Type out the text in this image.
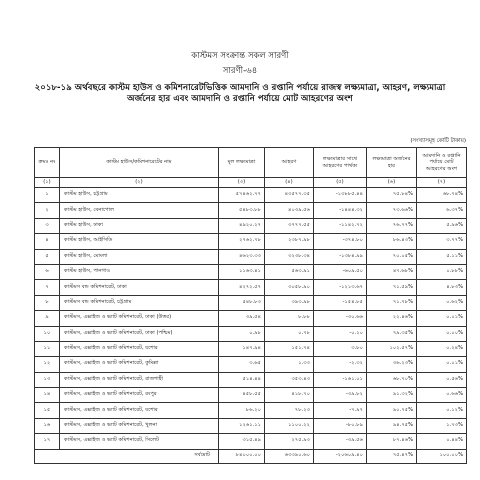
কাস্টমস সংক্রান্ত সকল সারণী
সারণী-৬৪
২০১৮-১৯ অর্থবছরে কাস্টম হাউস ও কমিশনারেটভিত্তিক আমদানি ও রপ্তানি পর্যায়ে রাজস্ব লক্ষ্যমাত্রা, আহরণ, লক্ষ্যমাত্রা অর্জনের হার এবং আমদানি ও রপ্তানি পর্যায়ে মোট আহরণের অংশ
(সংখ্যাসমূহ কোটি টাকায়)
ক্রমঃ নং	কাস্টম হাউস/কমিশনারেটের নাম	মূল লক্ষ্যমাত্রা	আহরণ	লক্ষ্যমাত্রার সাথে আহরণের পার্থক্য	লক্ষ্যমাত্রা অর্জনের হার	আমদানি ও রপ্তানি পর্যায়ে মোট আহরণের অংশ
(১)	(২)	(৩)	(৪)	(৫)	(৬)	(৭)
১	কাস্টম হাউস, চট্টগ্রাম	৫৭৪৬২.৭৭	৪৩৫৭৭.৩৫	-১৩৮৮৫.৪৪	৭৫.৮৪%	৬৮.৭৪%
২	কাস্টম হাউস, বেনাপোল	৫৪৮৩.৮৮	৪০৩৯.৫৬	-১৪৪৪.৩২	৭৩.৬৬%	৬.৩৭%
৩	কাস্টম হাউস, ঢাকা	৪৯২০.২৭	৩৭৭৭.৫৫	-১১৪২.৭২	৭৬.৭৭%	৫.৯৬%
৪	কাস্টম হাউস, আইসিডি	২৭৬২.৭৮	২৩৮৭.৯৮	-৩৭৪.৮০	৮৬.৪৩%	৩.৭৭%
৫	কাস্টম হাউস, মোংলা	৪৬২৩.৩৩	৩২৩৮.৩৪	-১৩৮৪.৯৯	৭০.০৫%	৫.১১%
৬	কাস্টম হাউস, পানগাও	১১৬৩.৪১	৫৬৩.৯১	-৬০৯.৫০	৪৭.৬৮%	০.৮৮%
৭	কাস্টমস বন্ড কমিশনারেট, ঢাকা	৪২৭২.৫৭	৩০৫৮.৯০	-১২১৩.৬৭	৭১.৫৯%	৪.৮৩%
৮	কাস্টমস বন্ড কমিশনারেট, চট্টগ্রাম	৫৪৮.৮৩	৩৯৩.৯৮	-১৫৪.৮৫	৭১.৭৮%	০.৬২%
৯	কাস্টমস, এক্সাইজ ও ভ্যাট কমিশনারেট, ঢাকা (উত্তর)	৩৯.৫৪	৮.৮৮	-৩০.৬৬	২২.৪৬%	০.০১%
১০	কাস্টমস, এক্সাইজ ও ভ্যাট কমিশনারেট, ঢাকা (পশ্চিম)	০.৯৮	০.৭৮	-০.২০	৭৯.৩৫%	০.০০%
১১	কাস্টমস, এক্সাইজ ও ভ্যাট কমিশনারেট, যশোর	১৪৭.৯৪	১৫১.৭৪	৩.৮০	১০২.৫৭%	০.২৪%
১২	কাস্টমস, এক্সাইজ ও ভ্যাট কমিশনারেট, কুমিল্লা	৩.৬৫	১.৩৩	-২.৩২	৩৬.২৩%	০.০১%
১৩	কাস্টমস, এক্সাইজ ও ভ্যাট কমিশনারেট, রাজশাহী	৫১৪.৪৪	৩৫৩.৪৩	-১৬১.০১	৬৮.৭০%	০.৫৬%
১৪	কাস্টমস, এক্সাইজ ও ভ্যাট কমিশনারেট, রংপুর	৪৫৮.৫৫	৪১৮.৭০	-৩৯.৮২	৯১.৩২%	০.৬৬%
১৫	কাস্টমস, এক্সাইজ ও ভ্যাট কমিশনারেট, যশোর	৮৬.২০	৭৮.২৩	-৭.৯৭	৯০.৭৫%	০.১২%
১৬	কাস্টমস, এক্সাইজ ও ভ্যাট কমিশনারেট, খুলনা	১২৬১.১১	১১০০.২২	-৮০.৮৯	৯৪.৭৫%	১.৭৩%
১৭	কাস্টমস, এক্সাইজ ও ভ্যাট কমিশনারেট, সিলেট	৩১৫.৪৯	২৭৫.৯৩	-৩৯.৫৬	৮৭.৪৬%	০.৪৪%
সর্বমোট		৮৪০০০.০০	৬৩৩৯০.৬০	-২০৬০৯.৪০	৭৫.৪৭%	১০০.০০%
